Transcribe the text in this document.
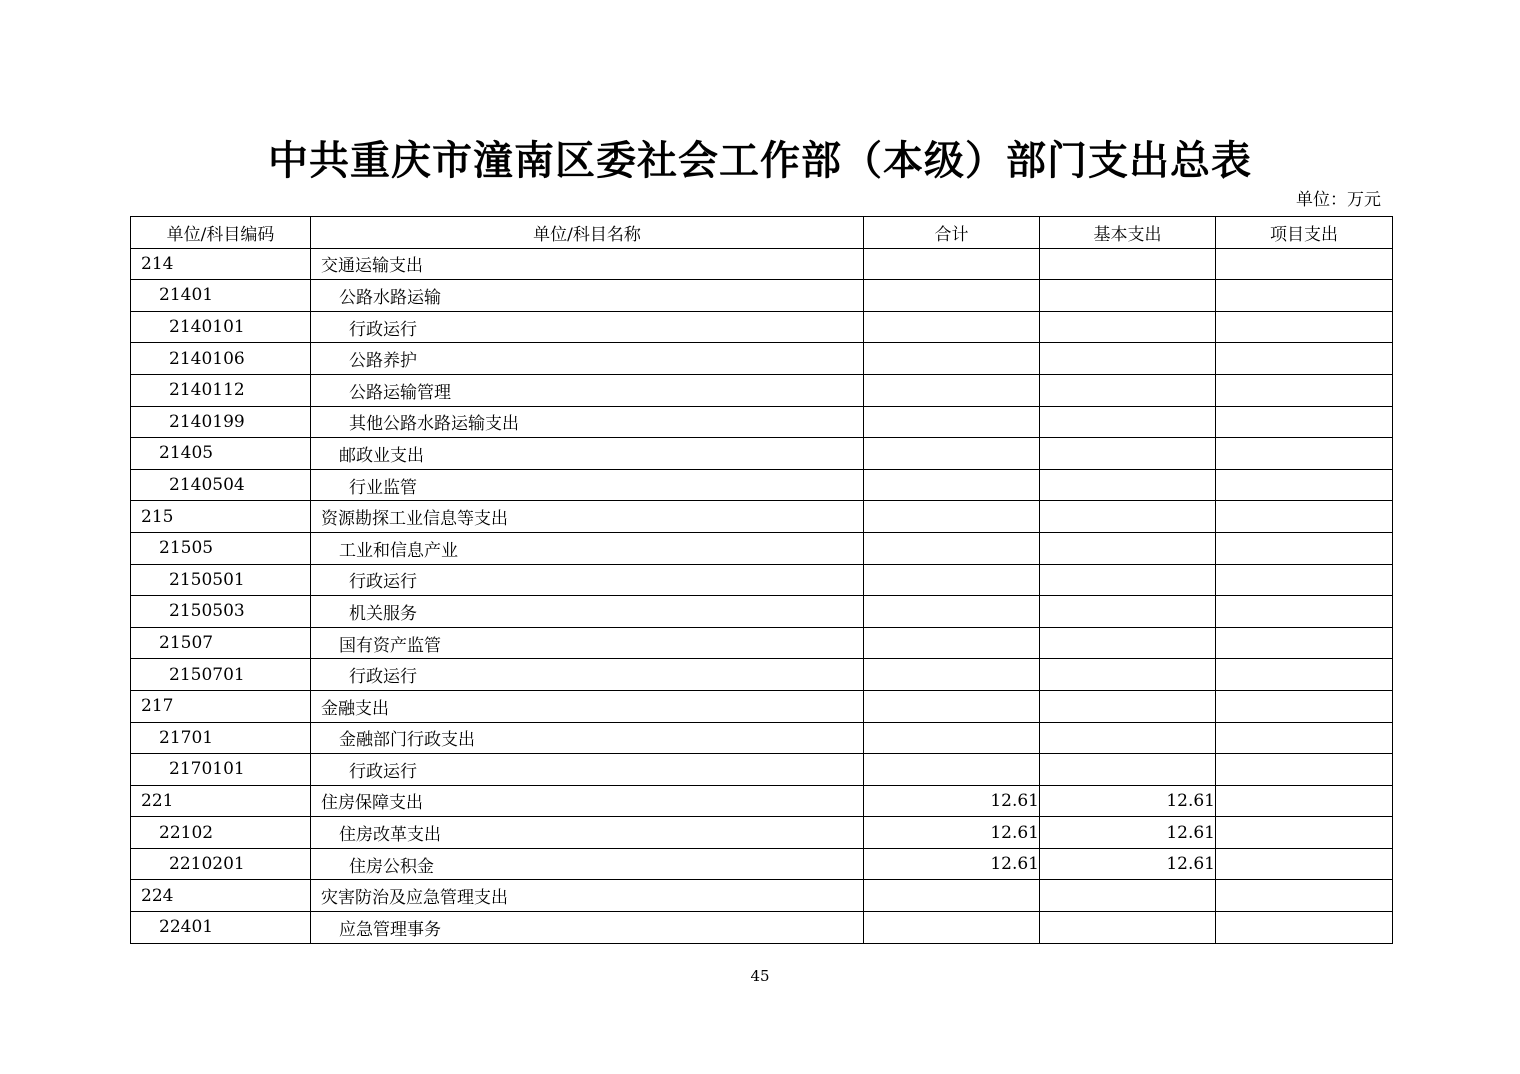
中共重庆市潼南区委社会工作部（本级）部门支出总表
单位：万元
单位/科目编码	单位/科目名称	合计	基本支出	项目支出
214	交通运输支出			
21401	公路水路运输			
2140101	行政运行			
2140106	公路养护			
2140112	公路运输管理			
2140199	其他公路水路运输支出			
21405	邮政业支出			
2140504	行业监管			
215	资源勘探工业信息等支出			
21505	工业和信息产业			
2150501	行政运行			
2150503	机关服务			
21507	国有资产监管			
2150701	行政运行			
217	金融支出			
21701	金融部门行政支出			
2170101	行政运行			
221	住房保障支出	12.61	12.61	
22102	住房改革支出	12.61	12.61	
2210201	住房公积金	12.61	12.61	
224	灾害防治及应急管理支出			
22401	应急管理事务			
45
